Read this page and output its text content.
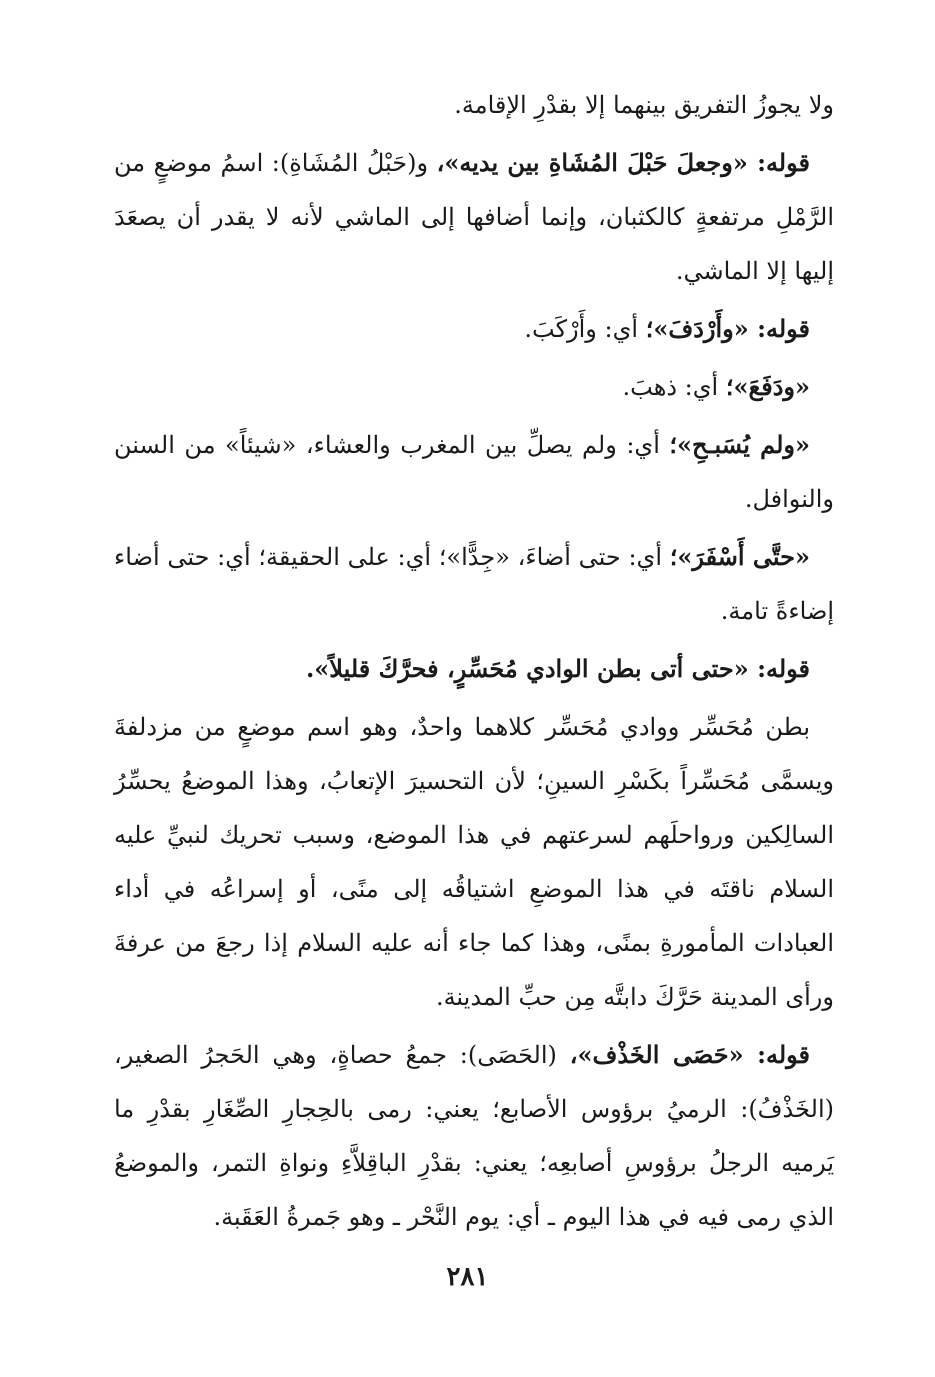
ولا يجوزُ التفريق بينهما إلا بقدْرِ الإقامة.

قوله: «وجعلَ حَبْلَ المُشَاةِ بين يديه»، و(حَبْلُ المُشَاةِ): اسمُ موضعٍ من الرَّمْلِ مرتفعةٍ كالكثبان، وإنما أضافها إلى الماشي لأنه لا يقدر أن يصعَدَ إليها إلا الماشي.

قوله: «وأَرْدَفَ»؛ أي: وأَرْكَبَ.

«ودَفَعَ»؛ أي: ذهبَ.

«ولم يُسَبـحِ»؛ أي: ولم يصلِّ بين المغرب والعشاء، «شيئاً» من السنن والنوافل.

«حتَّى أَسْفَرَ»؛ أي: حتى أضاءَ، «جِدًّا»؛ أي: على الحقيقة؛ أي: حتى أضاء إضاءةً تامة.

قوله: «حتى أتى بطن الوادي مُحَسِّرٍ، فحرَّكَ قليلاً».

بطن مُحَسِّر ووادي مُحَسِّر كلاهما واحدٌ، وهو اسم موضعٍ من مزدلفةَ ويسمَّى مُحَسِّراً بكَسْرِ السينِ؛ لأن التحسيرَ الإتعابُ، وهذا الموضعُ يحسِّرُ السالِكين ورواحلَهم لسرعتهم في هذا الموضع، وسبب تحريك لنبيِّ عليه السلام ناقتَه في هذا الموضعِ اشتياقُه إلى منًى، أو إسراعُه في أداء العبادات المأمورةِ بمنًى، وهذا كما جاء أنه عليه السلام إذا رجعَ من عرفةَ ورأى المدينة حَرَّكَ دابتَّه مِن حبِّ المدينة.

قوله: «حَصَى الخَذْف»، (الحَصَى): جمعُ حصاةٍ، وهي الحَجرُ الصغير، (الخَذْفُ): الرميُ برؤوس الأصابع؛ يعني: رمى بالحِجارِ الصِّغَارِ بقدْرِ ما يَرميه الرجلُ برؤوسِ أصابعِه؛ يعني: بقدْرِ الباقِلاَّءِ ونواةِ التمر، والموضعُ الذي رمى فيه في هذا اليوم ـ أي: يوم النَّحْر ـ وهو جَمرةُ العَقَبة.

٢٨١
